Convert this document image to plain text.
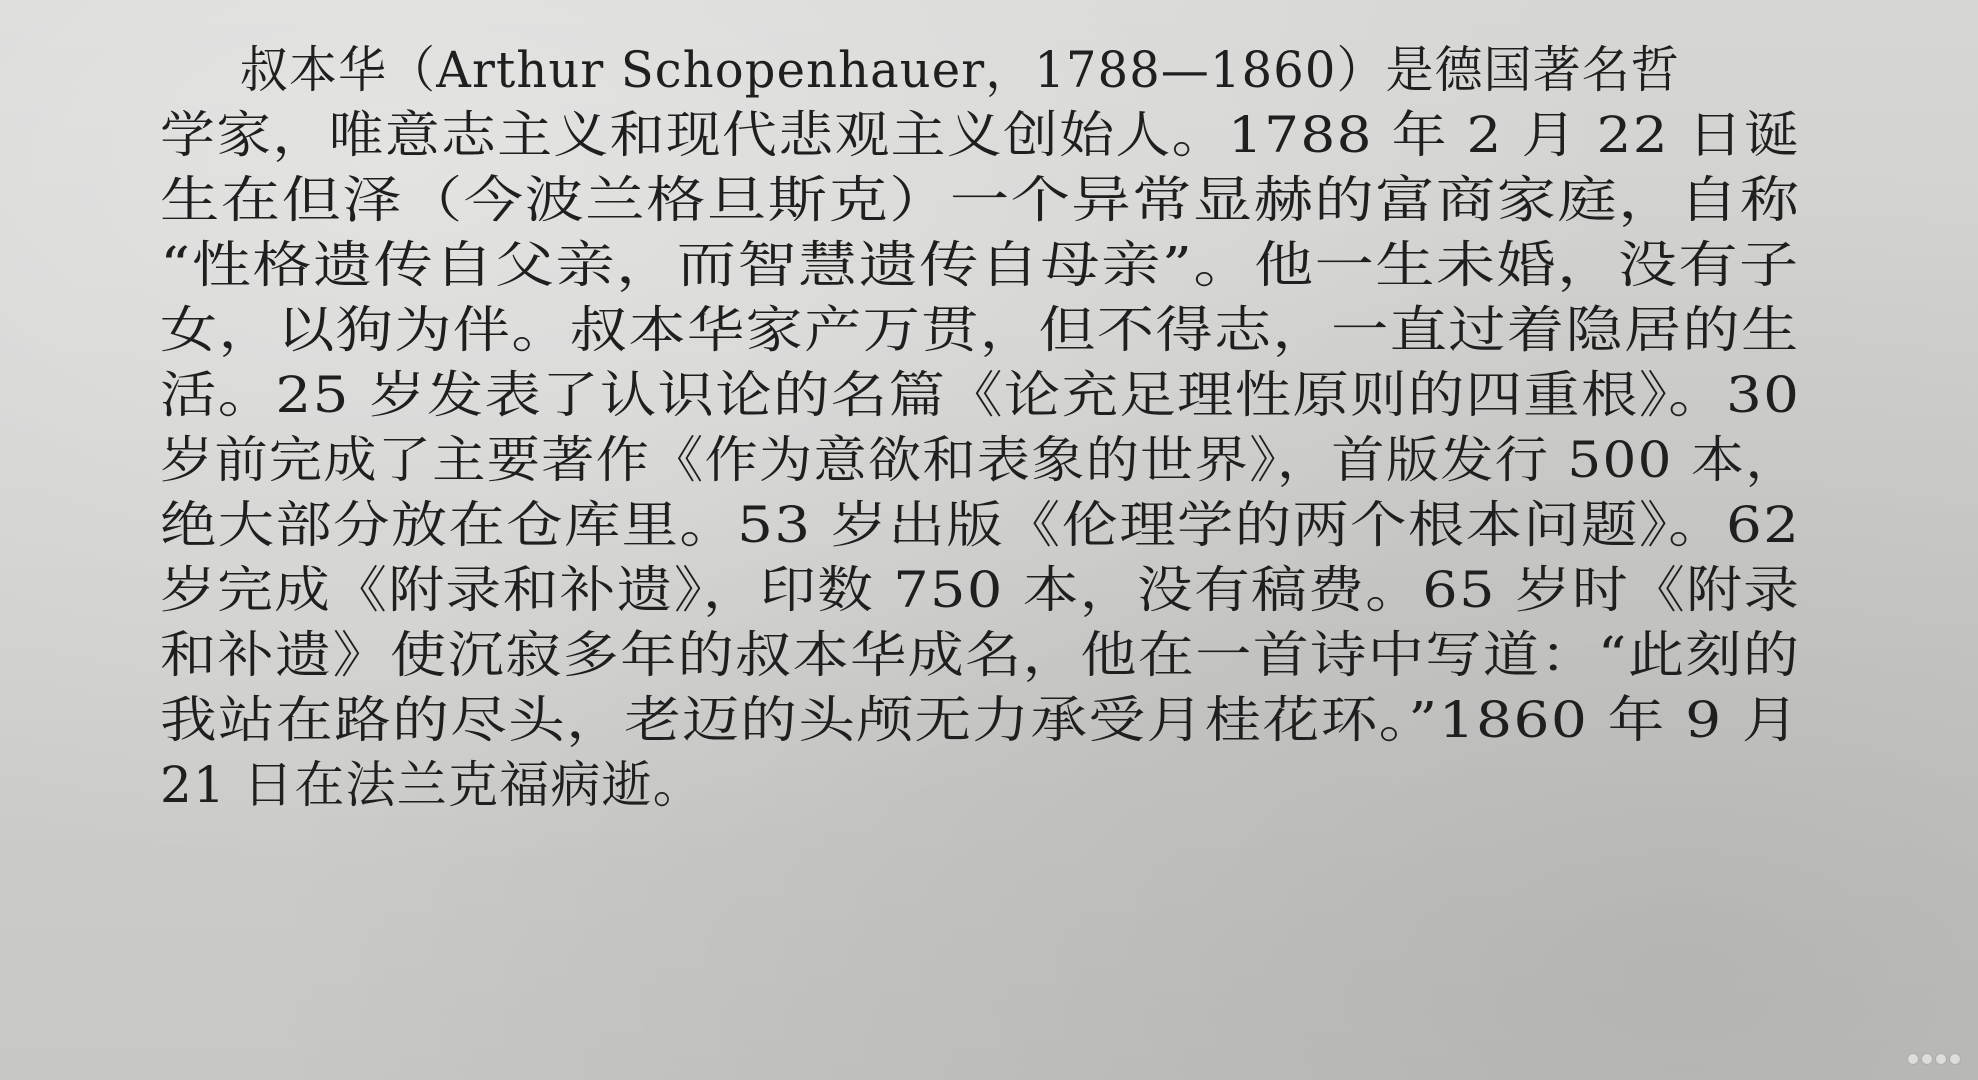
叔本华（Arthur Schopenhauer，1788—1860）是德国著名哲
学家，唯意志主义和现代悲观主义创始人。1788 年 2 月 22 日诞
生在但泽（今波兰格旦斯克）一个异常显赫的富商家庭，自称
“性格遗传自父亲，而智慧遗传自母亲”。他一生未婚，没有子
女，以狗为伴。叔本华家产万贯，但不得志，一直过着隐居的生
活。25 岁发表了认识论的名篇《论充足理性原则的四重根》。30
岁前完成了主要著作《作为意欲和表象的世界》，首版发行 500 本，
绝大部分放在仓库里。53 岁出版《伦理学的两个根本问题》。62
岁完成《附录和补遗》，印数 750 本，没有稿费。65 岁时《附录
和补遗》使沉寂多年的叔本华成名，他在一首诗中写道：“此刻的
我站在路的尽头，老迈的头颅无力承受月桂花环。”1860 年 9 月
21 日在法兰克福病逝。
